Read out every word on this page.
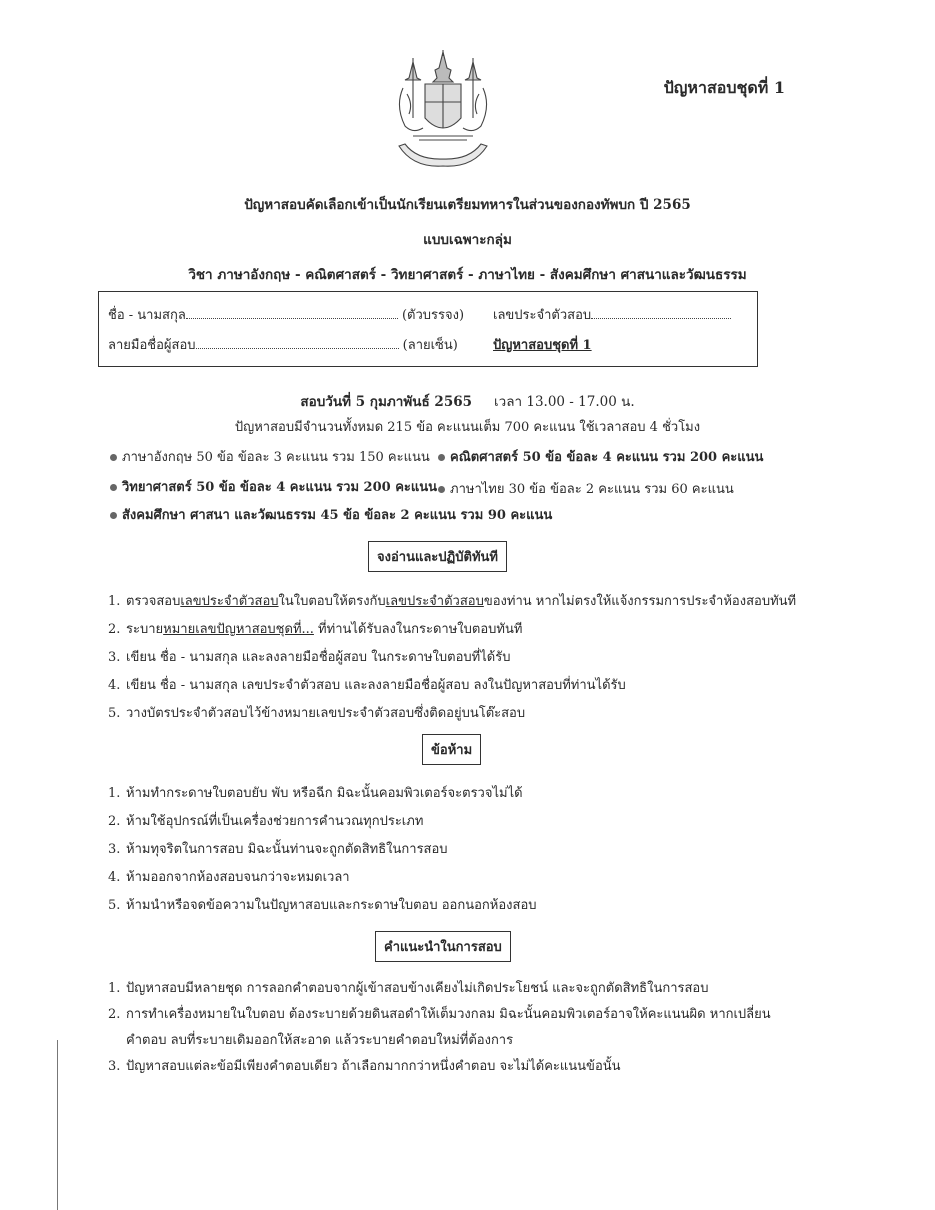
ปัญหาสอบชุดที่ 1
ปัญหาสอบคัดเลือกเข้าเป็นนักเรียนเตรียมทหารในส่วนของกองทัพบก ปี 2565
แบบเฉพาะกลุ่ม
วิชา ภาษาอังกฤษ - คณิตศาสตร์ - วิทยาศาสตร์ - ภาษาไทย - สังคมศึกษา ศาสนาและวัฒนธรรม
ชื่อ - นามสกุล	(ตัวบรรจง) เลขประจำตัวสอบ
ลายมือชื่อผู้สอบ	(ลายเซ็น)	ปัญหาสอบชุดที่ 1
สอบวันที่ 5 กุมภาพันธ์ 2565 เวลา 13.00 - 17.00 น.
ปัญหาสอบมีจำนวนทั้งหมด 215 ข้อ คะแนนเต็ม 700 คะแนน ใช้เวลาสอบ 4 ชั่วโมง
ภาษาอังกฤษ 50 ข้อ ข้อละ 3 คะแนน รวม 150 คะแนน	คณิตศาสตร์ 50 ข้อ ข้อละ 4 คะแนน รวม 200 คะแนน
วิทยาศาสตร์ 50 ข้อ ข้อละ 4 คะแนน รวม 200 คะแนน ภาษาไทย 30 ข้อ ข้อละ 2 คะแนน รวม 60 คะแนน
สังคมศึกษา ศาสนา และวัฒนธรรม 45 ข้อ ข้อละ 2 คะแนน รวม 90 คะแนน
จงอ่านและปฏิบัติทันที
1. ตรวจสอบเลขประจำตัวสอบในใบตอบให้ตรงกับเลขประจำตัวสอบของท่าน หากไม่ตรงให้แจ้งกรรมการประจำห้องสอบทันที
2. ระบายหมายเลขปัญหาสอบชุดที่... ที่ท่านได้รับลงในกระดาษใบตอบทันที
3. เขียน ชื่อ - นามสกุล และลงลายมือชื่อผู้สอบ ในกระดาษใบตอบที่ได้รับ
4. เขียน ชื่อ - นามสกุล เลขประจำตัวสอบ และลงลายมือชื่อผู้สอบ ลงในปัญหาสอบที่ท่านได้รับ
5. วางบัตรประจำตัวสอบไว้ข้างหมายเลขประจำตัวสอบซึ่งติดอยู่บนโต๊ะสอบ
ข้อห้าม
1. ห้ามทำกระดาษใบตอบยับ พับ หรือฉีก มิฉะนั้นคอมพิวเตอร์จะตรวจไม่ได้
2. ห้ามใช้อุปกรณ์ที่เป็นเครื่องช่วยการคำนวณทุกประเภท
3. ห้ามทุจริตในการสอบ มิฉะนั้นท่านจะถูกตัดสิทธิในการสอบ
4. ห้ามออกจากห้องสอบจนกว่าจะหมดเวลา
5. ห้ามนำหรือจดข้อความในปัญหาสอบและกระดาษใบตอบ ออกนอกห้องสอบ
คำแนะนำในการสอบ
1. ปัญหาสอบมีหลายชุด การลอกคำตอบจากผู้เข้าสอบข้างเคียงไม่เกิดประโยชน์ และจะถูกตัดสิทธิในการสอบ
2. การทำเครื่องหมายในใบตอบ ต้องระบายด้วยดินสอดำให้เต็มวงกลม มิฉะนั้นคอมพิวเตอร์อาจให้คะแนนผิด หากเปลี่ยน
คำตอบ ลบที่ระบายเดิมออกให้สะอาด แล้วระบายคำตอบใหม่ที่ต้องการ
3. ปัญหาสอบแต่ละข้อมีเพียงคำตอบเดียว ถ้าเลือกมากกว่าหนึ่งคำตอบ จะไม่ได้คะแนนข้อนั้น
